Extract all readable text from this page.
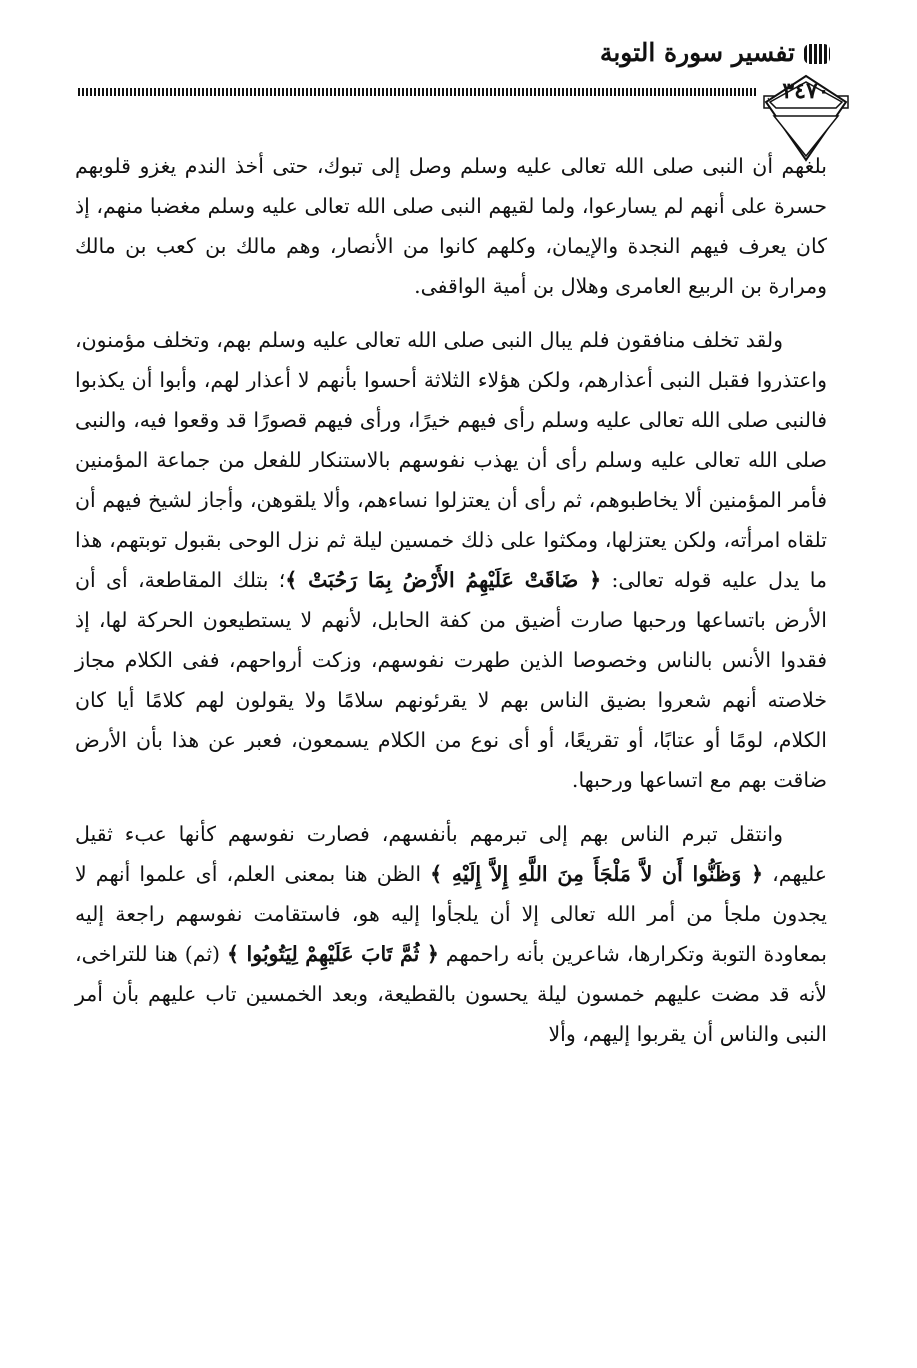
تفسير سورة التوبة
٣٤٧٠

بلغهم أن النبى صلى الله تعالى عليه وسلم وصل إلى تبوك، حتى أخذ الندم يغزو قلوبهم حسرة على أنهم لم يسارعوا، ولما لقيهم النبى صلى الله تعالى عليه وسلم مغضبا منهم، إذ كان يعرف فيهم النجدة والإيمان، وكلهم كانوا من الأنصار، وهم مالك بن كعب بن مالك ومرارة بن الربيع العامرى وهلال بن أمية الواقفى.

ولقد تخلف منافقون فلم يبال النبى صلى الله تعالى عليه وسلم بهم، وتخلف مؤمنون، واعتذروا فقبل النبى أعذارهم، ولكن هؤلاء الثلاثة أحسوا بأنهم لا أعذار لهم، وأبوا أن يكذبوا فالنبى صلى الله تعالى عليه وسلم رأى فيهم خيرًا، ورأى فيهم قصورًا قد وقعوا فيه، والنبى صلى الله تعالى عليه وسلم رأى أن يهذب نفوسهم بالاستنكار للفعل من جماعة المؤمنين فأمر المؤمنين ألا يخاطبوهم، ثم رأى أن يعتزلوا نساءهم، وألا يلقوهن، وأجاز لشيخ فيهم أن تلقاه امرأته، ولكن يعتزلها، ومكثوا على ذلك خمسين ليلة ثم نزل الوحى بقبول توبتهم، هذا ما يدل عليه قوله تعالى: ﴿ ضَاقَتْ عَلَيْهِمُ الأَرْضُ بِمَا رَحُبَتْ ﴾؛ بتلك المقاطعة، أى أن الأرض باتساعها ورحبها صارت أضيق من كفة الحابل، لأنهم لا يستطيعون الحركة لها، إذ فقدوا الأنس بالناس وخصوصا الذين طهرت نفوسهم، وزكت أرواحهم، ففى الكلام مجاز خلاصته أنهم شعروا بضيق الناس بهم لا يقرئونهم سلامًا ولا يقولون لهم كلامًا أيا كان الكلام، لومًا أو عتابًا، أو تقريعًا، أو أى نوع من الكلام يسمعون، فعبر عن هذا بأن الأرض ضاقت بهم مع اتساعها ورحبها.

وانتقل تبرم الناس بهم إلى تبرمهم بأنفسهم، فصارت نفوسهم كأنها عبء ثقيل عليهم، ﴿ وَظَنُّوا أَن لاَّ مَلْجَأَ مِنَ اللَّهِ إِلاَّ إِلَيْهِ ﴾ الظن هنا بمعنى العلم، أى علموا أنهم لا يجدون ملجأ من أمر الله تعالى إلا أن يلجأوا إليه هو، فاستقامت نفوسهم راجعة إليه بمعاودة التوبة وتكرارها، شاعرين بأنه راحمهم ﴿ ثُمَّ تَابَ عَلَيْهِمْ لِيَتُوبُوا ﴾ (ثم) هنا للتراخى، لأنه قد مضت عليهم خمسون ليلة يحسون بالقطيعة، وبعد الخمسين تاب عليهم بأن أمر النبى والناس أن يقربوا إليهم، وألا
